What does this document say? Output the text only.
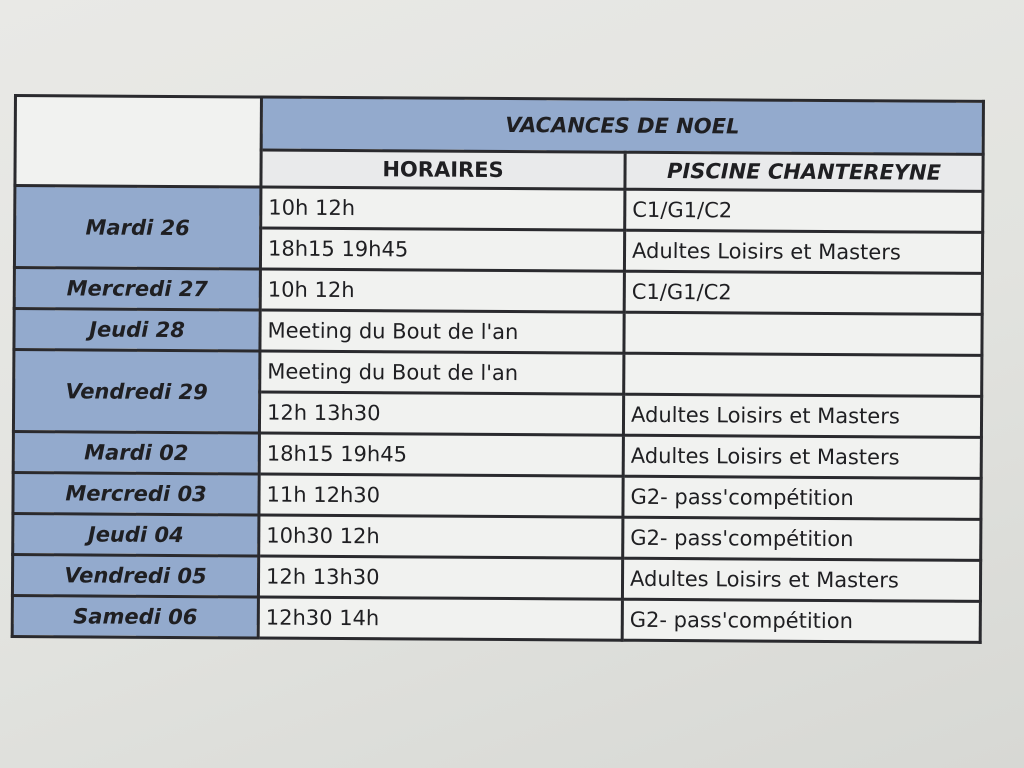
	VACANCES DE NOEL	
	HORAIRES	PISCINE CHANTEREYNE
Mardi 26	10h 12h	C1/G1/C2
	18h15 19h45	Adultes Loisirs et Masters
Mercredi 27	10h 12h	C1/G1/C2
Jeudi 28	Meeting du Bout de l'an	
Vendredi 29	Meeting du Bout de l'an	
	12h 13h30	Adultes Loisirs et Masters
Mardi 02	18h15 19h45	Adultes Loisirs et Masters
Mercredi 03	11h 12h30	G2- pass'compétition
Jeudi 04	10h30 12h	G2- pass'compétition
Vendredi 05	12h 13h30	Adultes Loisirs et Masters
Samedi 06	12h30 14h	G2- pass'compétition
